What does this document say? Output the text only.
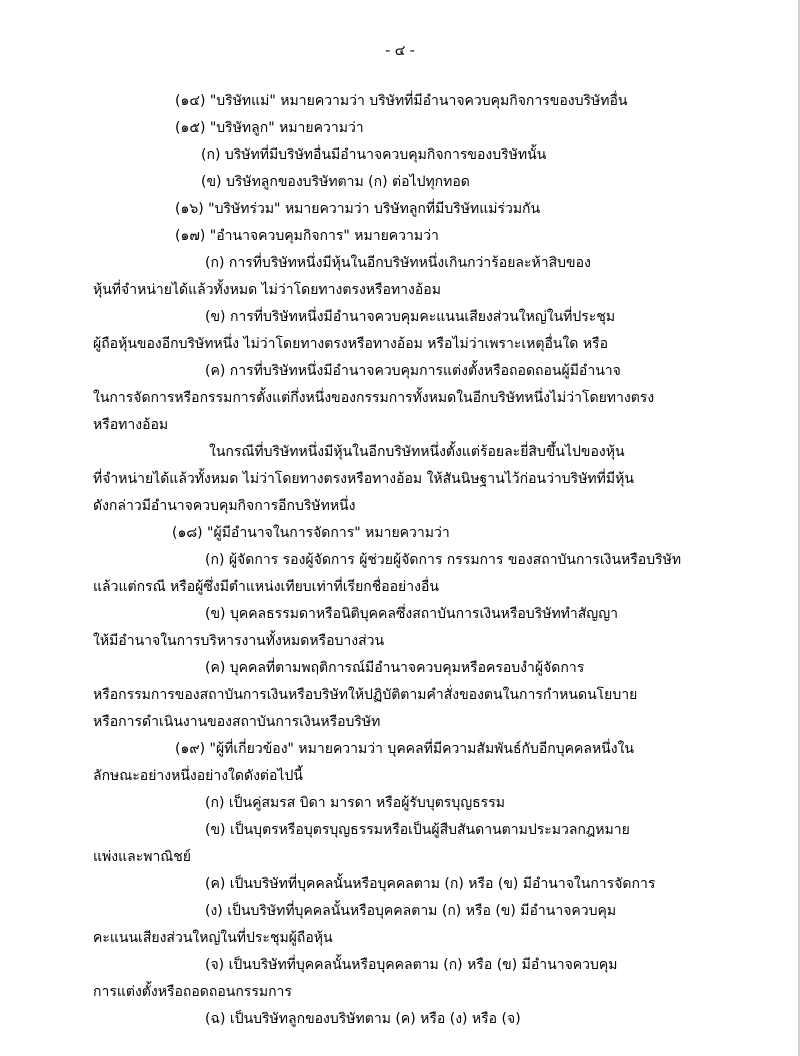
- ๔ -
(๑๔) "บริษัทแม่" หมายความว่า บริษัทที่มีอำนาจควบคุมกิจการของบริษัทอื่น
(๑๕) "บริษัทลูก" หมายความว่า
(ก) บริษัทที่มีบริษัทอื่นมีอำนาจควบคุมกิจการของบริษัทนั้น
(ข) บริษัทลูกของบริษัทตาม (ก) ต่อไปทุกทอด
(๑๖) "บริษัทร่วม" หมายความว่า บริษัทลูกที่มีบริษัทแม่ร่วมกัน
(๑๗) "อำนาจควบคุมกิจการ" หมายความว่า
(ก) การที่บริษัทหนึ่งมีหุ้นในอีกบริษัทหนึ่งเกินกว่าร้อยละห้าสิบของ
หุ้นที่จำหน่ายได้แล้วทั้งหมด ไม่ว่าโดยทางตรงหรือทางอ้อม
(ข) การที่บริษัทหนึ่งมีอำนาจควบคุมคะแนนเสียงส่วนใหญ่ในที่ประชุม
ผู้ถือหุ้นของอีกบริษัทหนึ่ง ไม่ว่าโดยทางตรงหรือทางอ้อม หรือไม่ว่าเพราะเหตุอื่นใด หรือ
(ค) การที่บริษัทหนึ่งมีอำนาจควบคุมการแต่งตั้งหรือถอดถอนผู้มีอำนาจ
ในการจัดการหรือกรรมการตั้งแต่กึ่งหนึ่งของกรรมการทั้งหมดในอีกบริษัทหนึ่งไม่ว่าโดยทางตรง
หรือทางอ้อม
ในกรณีที่บริษัทหนึ่งมีหุ้นในอีกบริษัทหนึ่งตั้งแต่ร้อยละยี่สิบขึ้นไปของหุ้น
ที่จำหน่ายได้แล้วทั้งหมด ไม่ว่าโดยทางตรงหรือทางอ้อม ให้สันนิษฐานไว้ก่อนว่าบริษัทที่มีหุ้น
ดังกล่าวมีอำนาจควบคุมกิจการอีกบริษัทหนึ่ง
(๑๘) "ผู้มีอำนาจในการจัดการ" หมายความว่า
(ก) ผู้จัดการ รองผู้จัดการ ผู้ช่วยผู้จัดการ กรรมการ ของสถาบันการเงินหรือบริษัท
แล้วแต่กรณี หรือผู้ซึ่งมีตำแหน่งเทียบเท่าที่เรียกชื่ออย่างอื่น
(ข) บุคคลธรรมดาหรือนิติบุคคลซึ่งสถาบันการเงินหรือบริษัททำสัญญา
ให้มีอำนาจในการบริหารงานทั้งหมดหรือบางส่วน
(ค) บุคคลที่ตามพฤติการณ์มีอำนาจควบคุมหรือครอบงำผู้จัดการ
หรือกรรมการของสถาบันการเงินหรือบริษัทให้ปฏิบัติตามคำสั่งของตนในการกำหนดนโยบาย
หรือการดำเนินงานของสถาบันการเงินหรือบริษัท
(๑๙) "ผู้ที่เกี่ยวข้อง" หมายความว่า บุคคลที่มีความสัมพันธ์กับอีกบุคคลหนึ่งใน
ลักษณะอย่างหนึ่งอย่างใดดังต่อไปนี้
(ก) เป็นคู่สมรส บิดา มารดา หรือผู้รับบุตรบุญธรรม
(ข) เป็นบุตรหรือบุตรบุญธรรมหรือเป็นผู้สืบสันดานตามประมวลกฎหมาย
แพ่งและพาณิชย์
(ค) เป็นบริษัทที่บุคคลนั้นหรือบุคคลตาม (ก) หรือ (ข) มีอำนาจในการจัดการ
(ง) เป็นบริษัทที่บุคคลนั้นหรือบุคคลตาม (ก) หรือ (ข) มีอำนาจควบคุม
คะแนนเสียงส่วนใหญ่ในที่ประชุมผู้ถือหุ้น
(จ) เป็นบริษัทที่บุคคลนั้นหรือบุคคลตาม (ก) หรือ (ข) มีอำนาจควบคุม
การแต่งตั้งหรือถอดถอนกรรมการ
(ฉ) เป็นบริษัทลูกของบริษัทตาม (ค) หรือ (ง) หรือ (จ)
